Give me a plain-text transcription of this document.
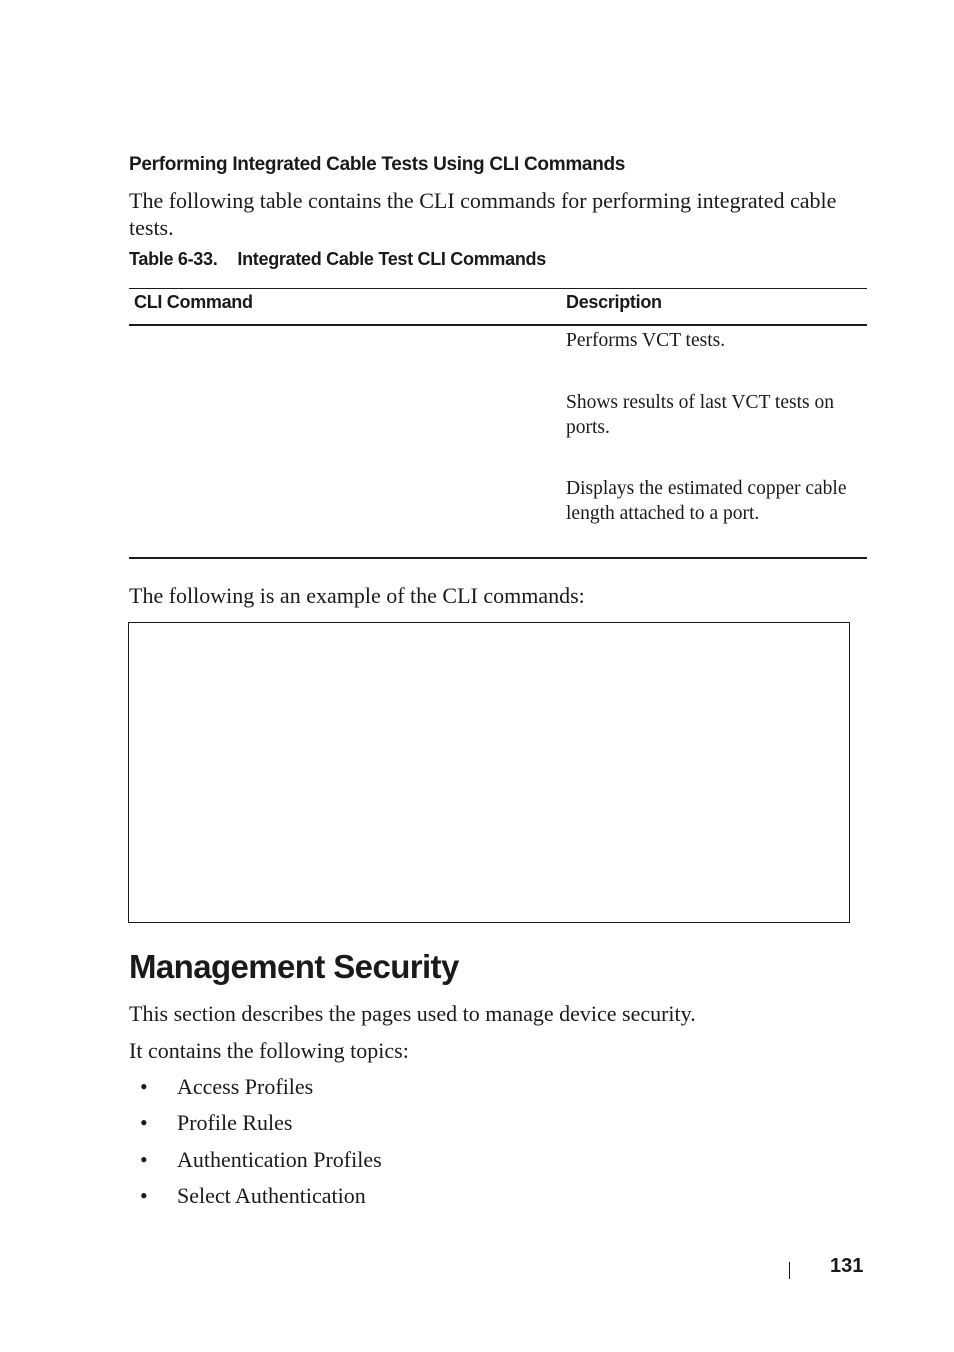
Performing Integrated Cable Tests Using CLI Commands
The following table contains the CLI commands for performing integrated cable tests.
Table 6-33. Integrated Cable Test CLI Commands
CLI Command	Description
Performs VCT tests.
Shows results of last VCT tests on ports.
Displays the estimated copper cable length attached to a port.
The following is an example of the CLI commands:
Management Security
This section describes the pages used to manage device security.
It contains the following topics:
• Access Profiles
• Profile Rules
• Authentication Profiles
• Select Authentication
131
